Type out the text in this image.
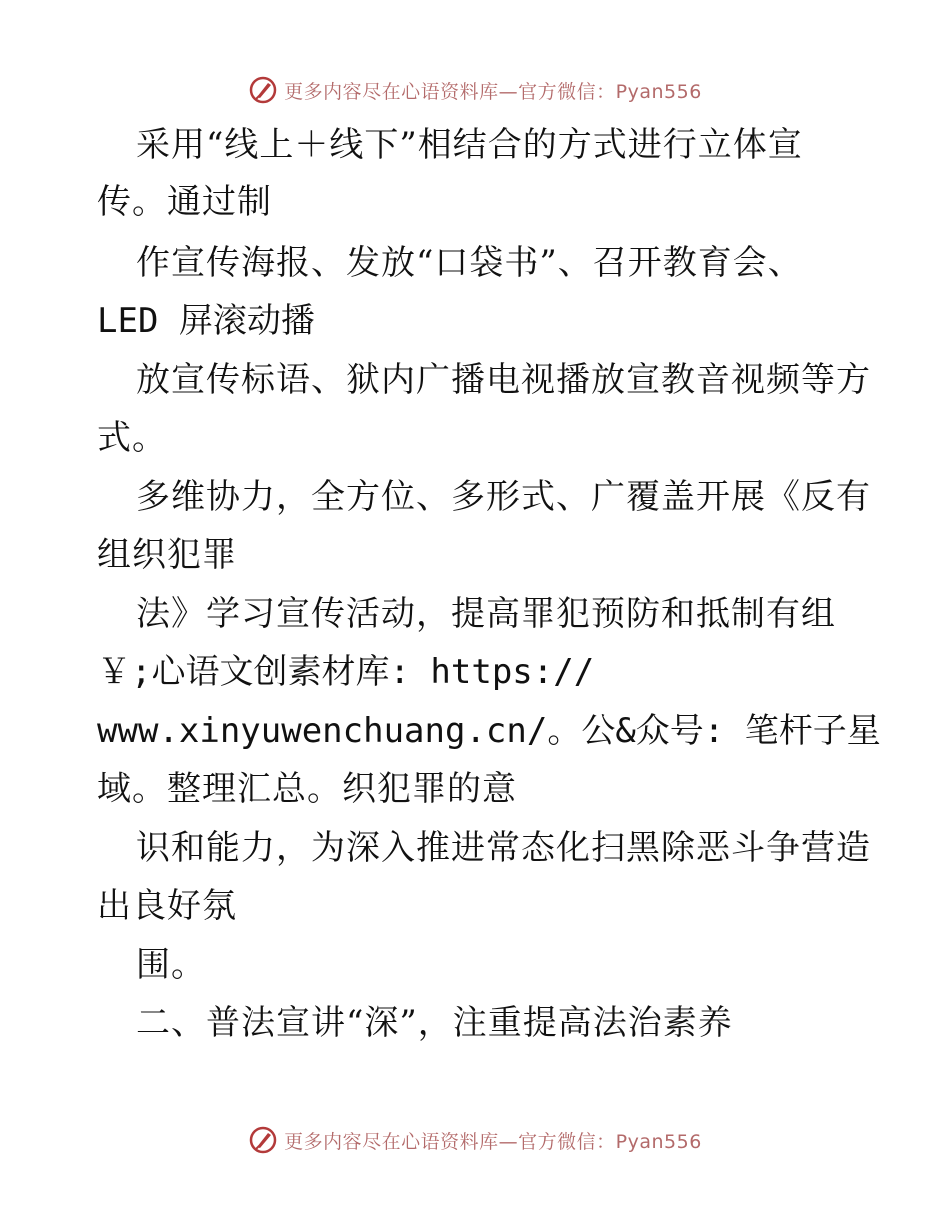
更多内容尽在心语资料库—官方微信：Pyan556
采用“线上＋线下”相结合的方式进行立体宣
传。通过制
作宣传海报、发放“口袋书”、召开教育会、
LED 屏滚动播
放宣传标语、狱内广播电视播放宣教音视频等方
式。
多维协力，全方位、多形式、广覆盖开展《反有
组织犯罪
法》学习宣传活动，提高罪犯预防和抵制有组
￥;心语文创素材库: https://
www.xinyuwenchuang.cn/。公&众号: 笔杆子星
域。整理汇总。织犯罪的意
识和能力，为深入推进常态化扫黑除恶斗争营造
出良好氛
围。
二、普法宣讲“深”，注重提高法治素养
更多内容尽在心语资料库—官方微信：Pyan556
